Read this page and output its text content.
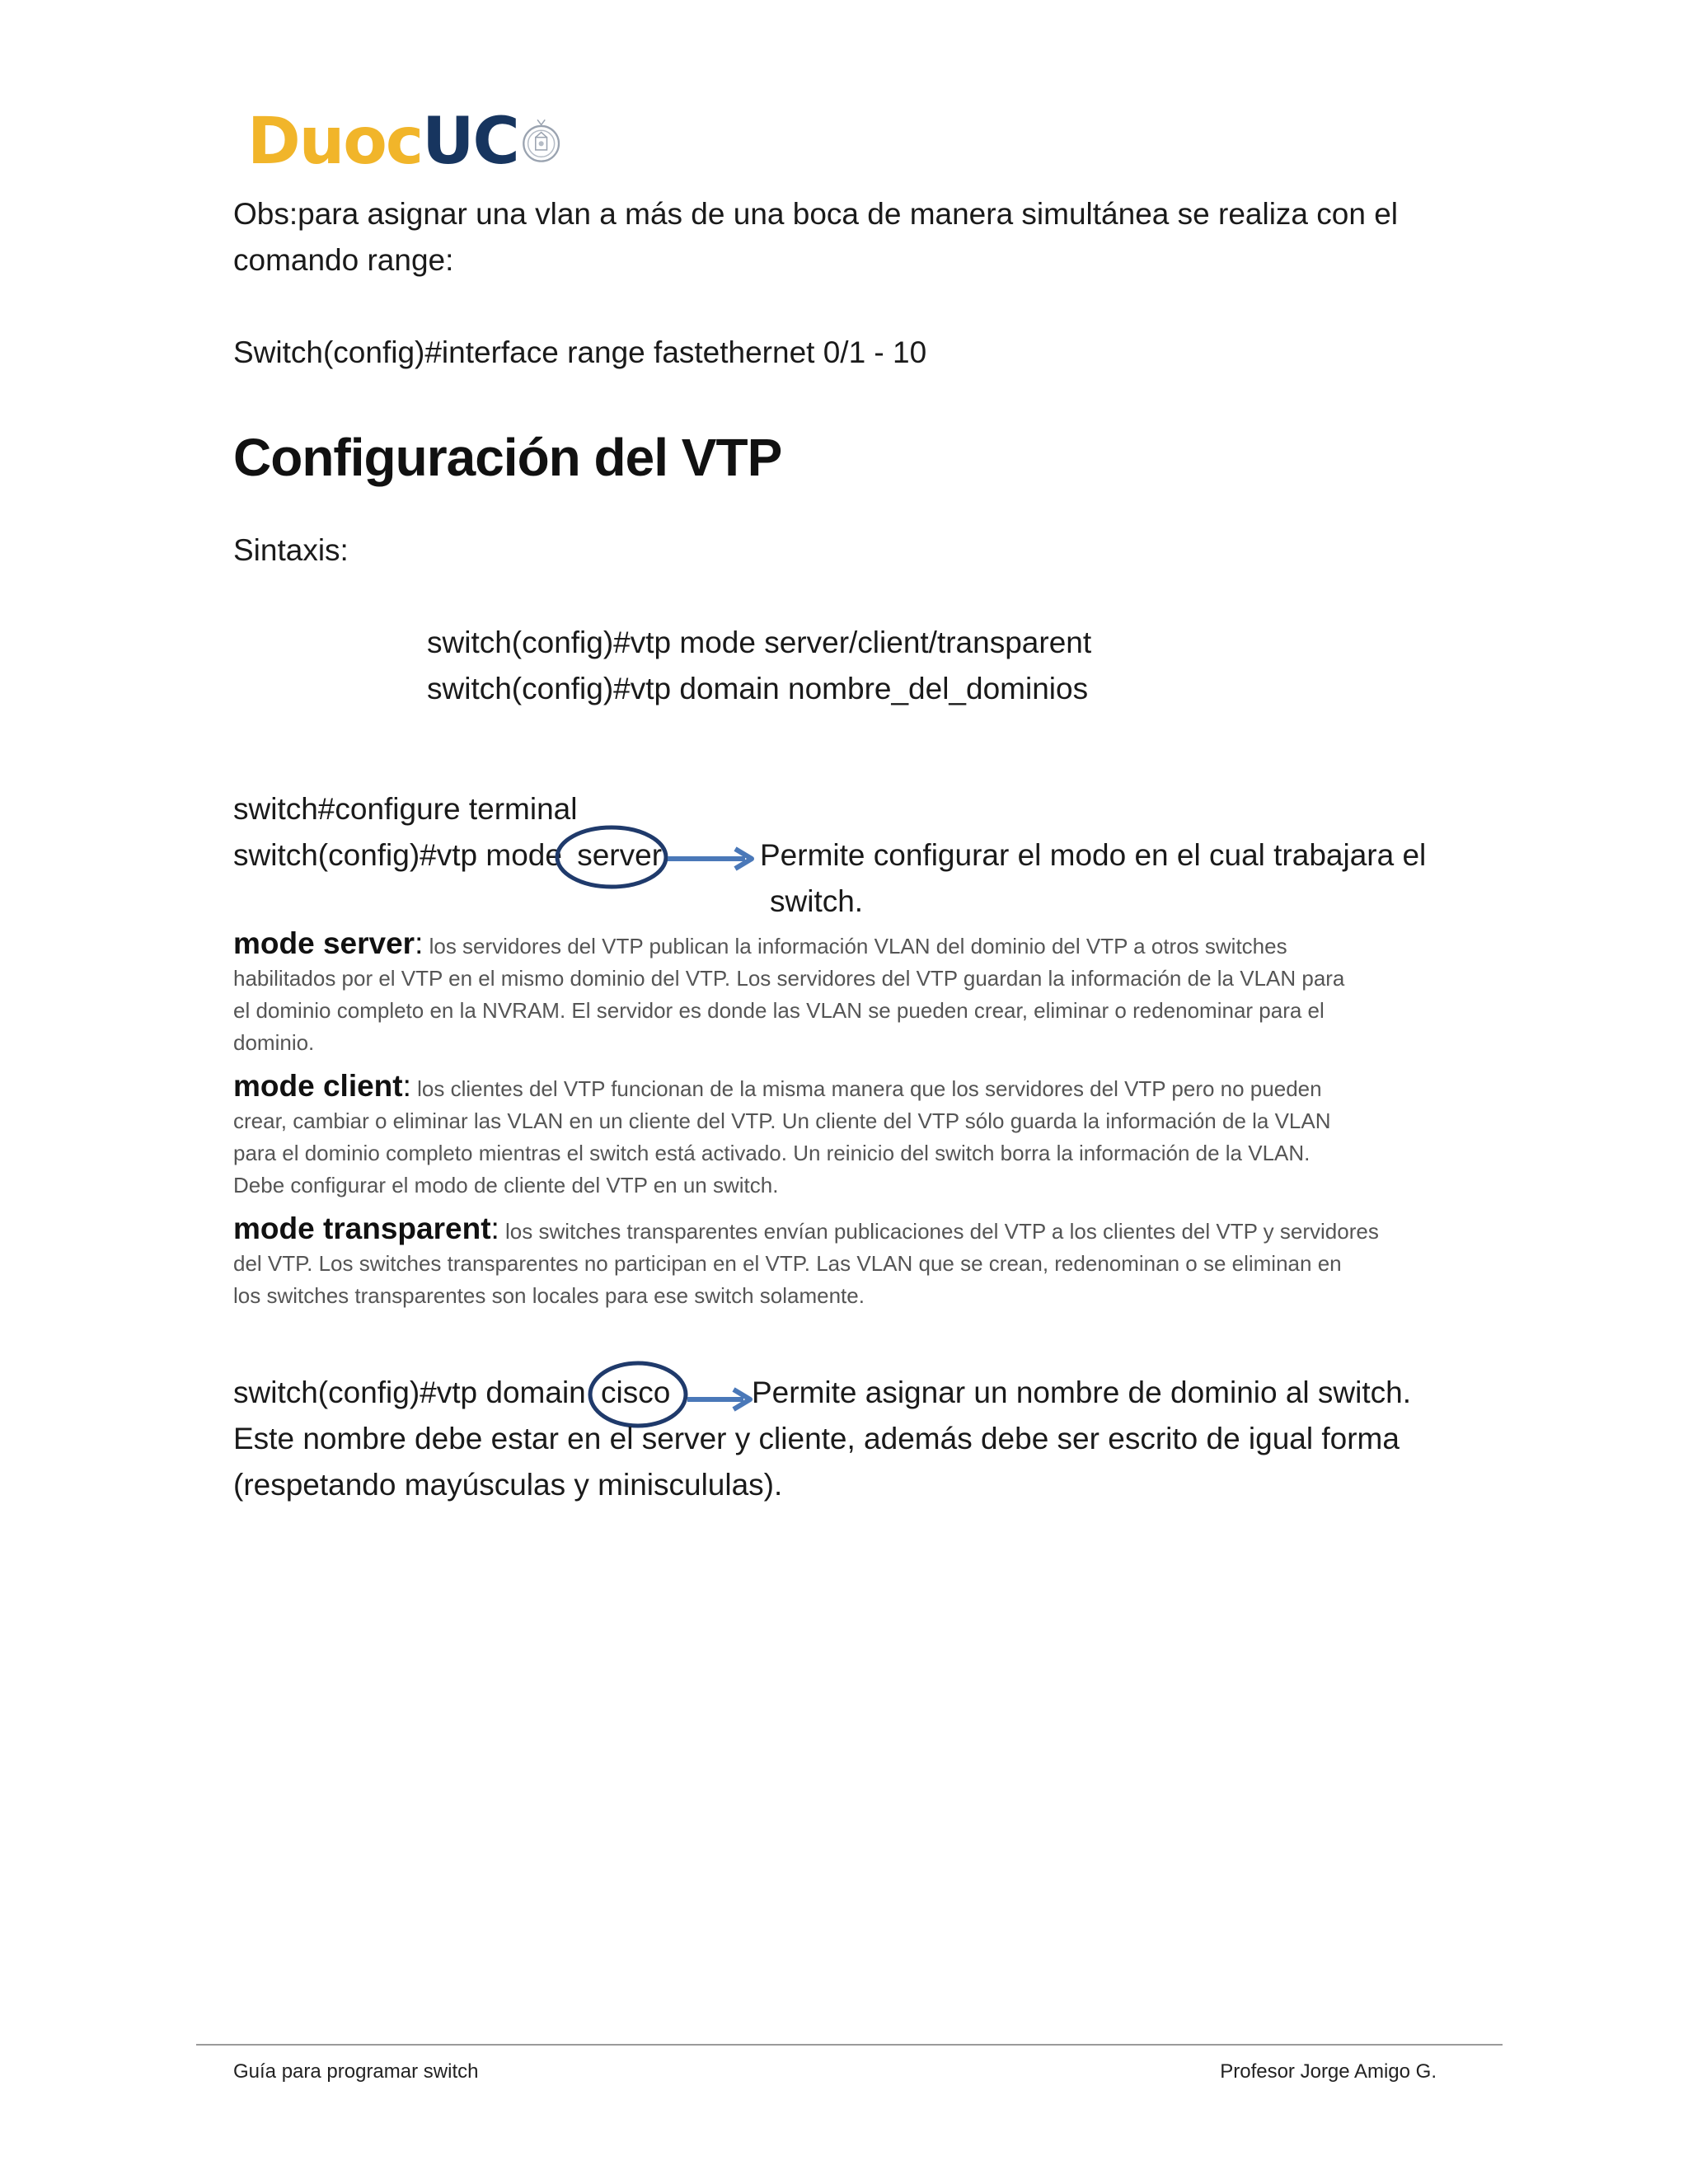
DuocUC
Obs:para asignar una vlan a más de una boca de manera simultánea se realiza con el
comando range:
Switch(config)#interface range fastethernet 0/1 - 10
Configuración del VTP
Sintaxis:
switch(config)#vtp mode server/client/transparent
switch(config)#vtp domain nombre_del_dominios
switch#configure terminal
switch(config)#vtp mode server	Permite configurar el modo en el cual trabajara el
switch.
mode server: los servidores del VTP publican la información VLAN del dominio del VTP a otros switches
habilitados por el VTP en el mismo dominio del VTP. Los servidores del VTP guardan la información de la VLAN para
el dominio completo en la NVRAM. El servidor es donde las VLAN se pueden crear, eliminar o redenominar para el
dominio.
mode client: los clientes del VTP funcionan de la misma manera que los servidores del VTP pero no pueden
crear, cambiar o eliminar las VLAN en un cliente del VTP. Un cliente del VTP sólo guarda la información de la VLAN
para el dominio completo mientras el switch está activado. Un reinicio del switch borra la información de la VLAN.
Debe configurar el modo de cliente del VTP en un switch.
mode transparent: los switches transparentes envían publicaciones del VTP a los clientes del VTP y servidores
del VTP. Los switches transparentes no participan en el VTP. Las VLAN que se crean, redenominan o se eliminan en
los switches transparentes son locales para ese switch solamente.
switch(config)#vtp domain cisco	Permite asignar un nombre de dominio al switch.
Este nombre debe estar en el server y cliente, además debe ser escrito de igual forma
(respetando mayúsculas y miniscululas).
Guía para programar switch	Profesor Jorge Amigo G.
